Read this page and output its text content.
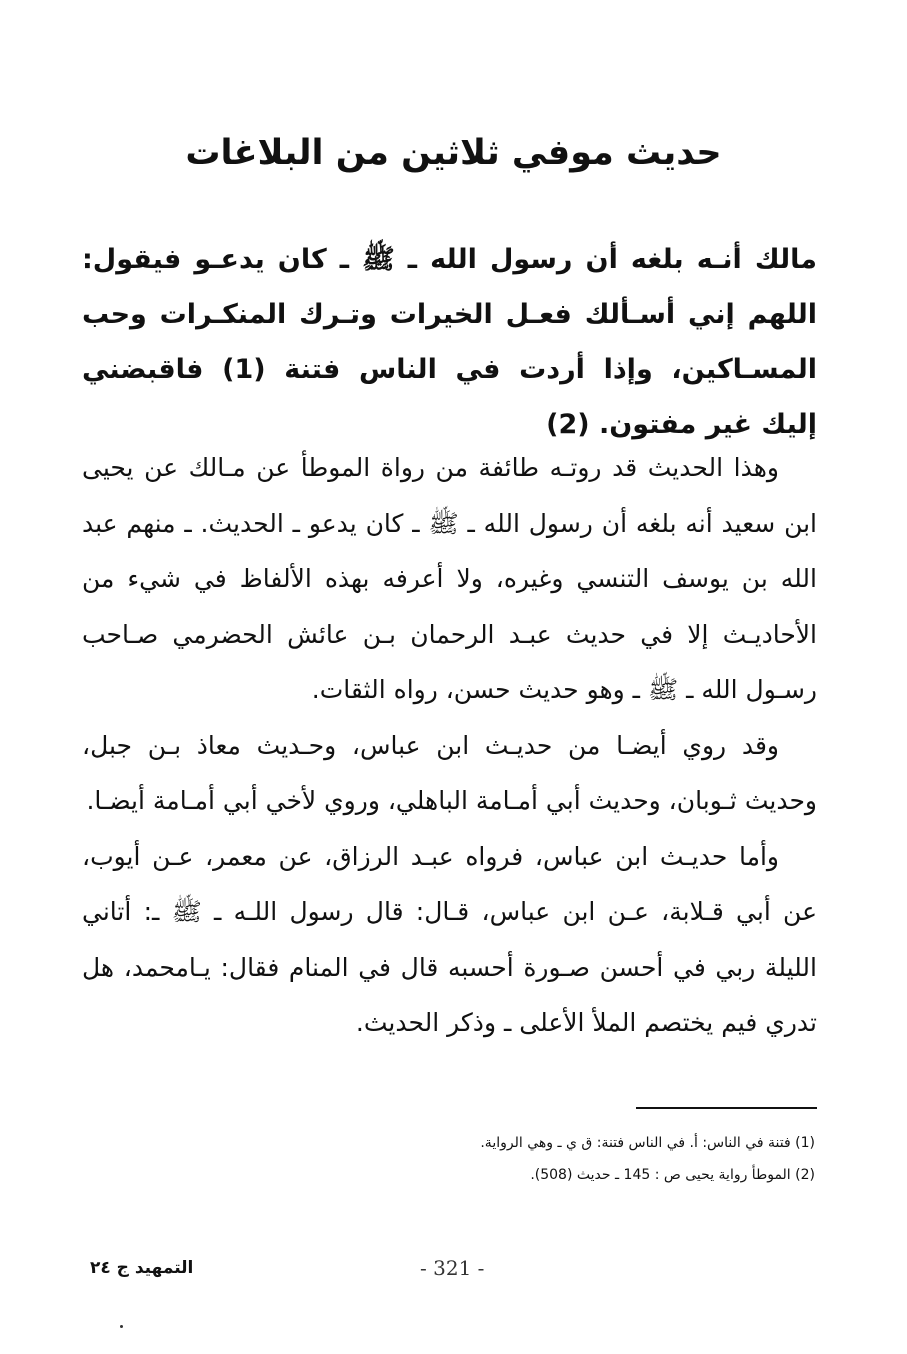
حديث موفي ثلاثين من البلاغات
مالك أنـه بلغه أن رسول الله ـ ﷺ ـ كان يدعـو فيقول: اللهم إني أسـألك فعـل الخيرات وتـرك المنكـرات وحب المسـاكين، وإذا أردت في الناس فتنة (1) فاقبضني إليك غير مفتون. (2)

وهذا الحديث قد روتـه طائفة من رواة الموطأ عن مـالك عن يحيى ابن سعيد أنه بلغه أن رسول الله ـ ﷺ ـ كان يدعو ـ الحديث. ـ منهم عبد الله بن يوسف التنسي وغيره، ولا أعرفه بهذه الألفاظ في شيء من الأحاديـث إلا في حديث عبـد الرحمان بـن عائش الحضرمي صـاحب رسـول الله ـ ﷺ ـ وهو حديث حسن، رواه الثقات.

وقد روي أيضـا من حديـث ابن عباس، وحـديث معاذ بـن جبل، وحديث ثـوبان، وحديث أبي أمـامة الباهلي، وروي لأخي أبي أمـامة أيضـا.

وأما حديـث ابن عباس، فرواه عبـد الرزاق، عن معمر، عـن أيوب، عن أبي قـلابة، عـن ابن عباس، قـال: قال رسول اللـه ـ ﷺ ـ: أتاني الليلة ربي في أحسن صـورة أحسبه قال في المنام فقال: يـامحمد، هل تدري فيم يختصم الملأ الأعلى ـ وذكر الحديث.

(1) فتنة في الناس: أ. في الناس فتنة: ق ي ـ وهي الرواية.
(2) الموطأ رواية يحيى ص : 145 ـ حديث (508).
التمهيد ج ٢٤	- 321 -
